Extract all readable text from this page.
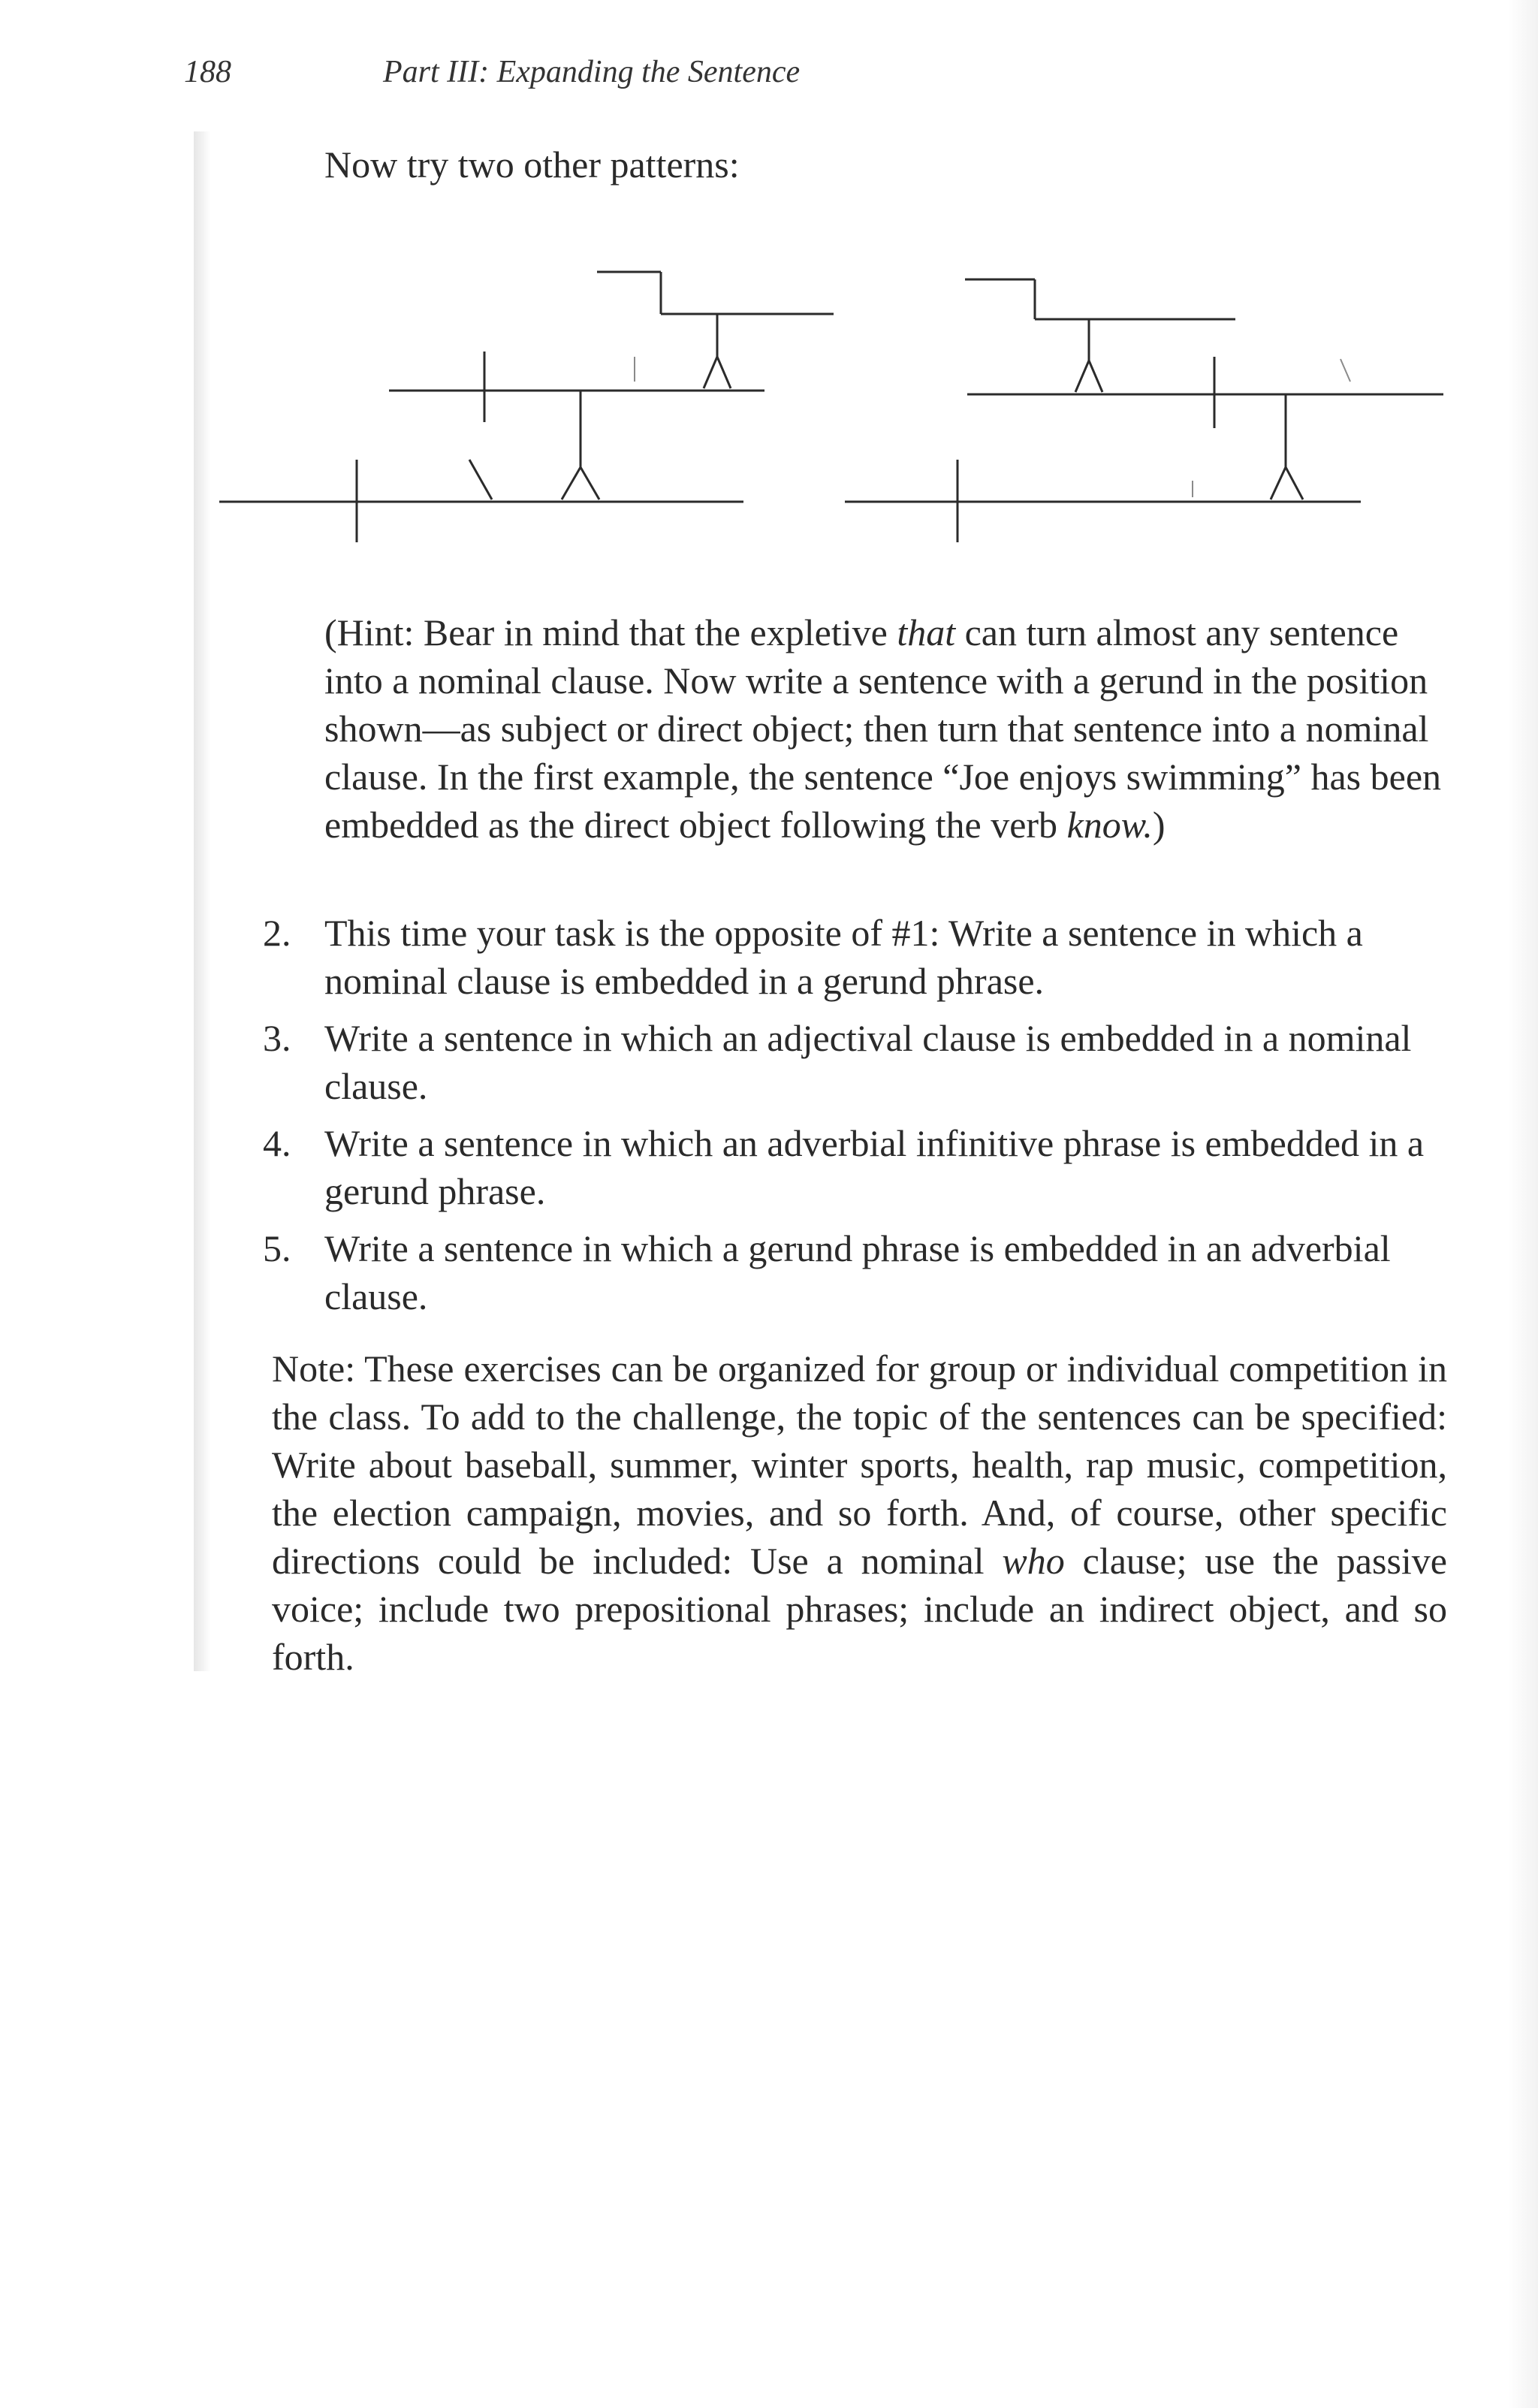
188	Part III: Expanding the Sentence
Now try two other patterns:

(Hint: Bear in mind that the expletive that can turn almost any sentence into a nominal clause. Now write a sentence with a gerund in the position shown—as subject or direct object; then turn that sentence into a nominal clause. In the first example, the sentence “Joe enjoys swimming” has been embedded as the direct object following the verb know.)

2. This time your task is the opposite of #1: Write a sentence in which a nominal clause is embedded in a gerund phrase.
3. Write a sentence in which an adjectival clause is embedded in a nominal clause.
4. Write a sentence in which an adverbial infinitive phrase is embedded in a gerund phrase.
5. Write a sentence in which a gerund phrase is embedded in an adverbial clause.

Note: These exercises can be organized for group or individual competition in the class. To add to the challenge, the topic of the sentences can be specified: Write about baseball, summer, winter sports, health, rap music, competition, the election campaign, movies, and so forth. And, of course, other specific directions could be included: Use a nominal who clause; use the passive voice; include two prepositional phrases; include an indirect object, and so forth.
